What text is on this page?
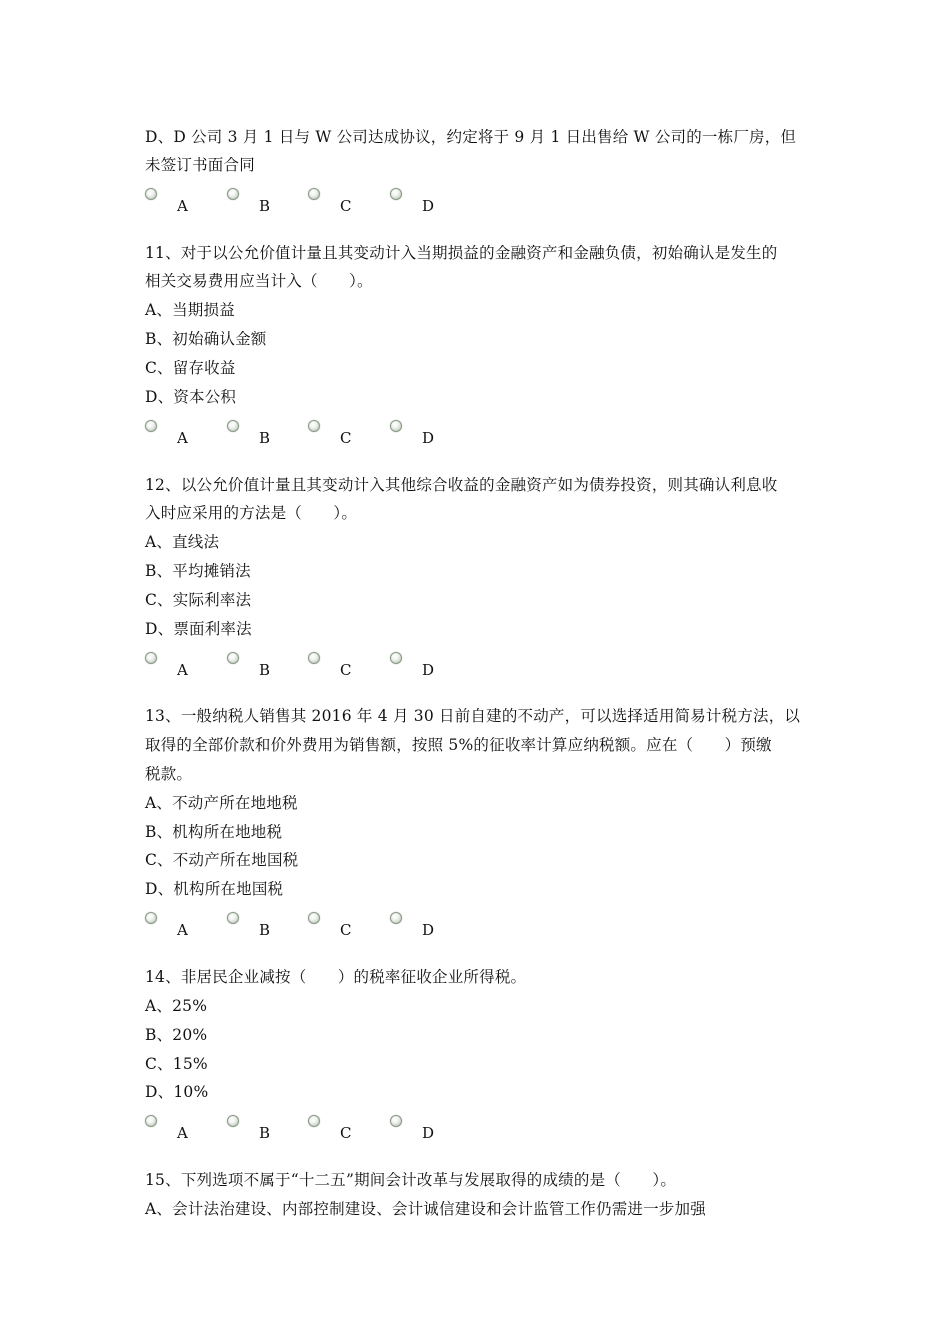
D、D 公司 3 月 1 日与 W 公司达成协议，约定将于 9 月 1 日出售给 W 公司的一栋厂房，但
未签订书面合同
A	B	C	D
11、对于以公允价值计量且其变动计入当期损益的金融资产和金融负债，初始确认是发生的
相关交易费用应当计入（　　）。
A、当期损益
B、初始确认金额
C、留存收益
D、资本公积
A	B	C	D
12、以公允价值计量且其变动计入其他综合收益的金融资产如为债券投资，则其确认利息收
入时应采用的方法是（　　）。
A、直线法
B、平均摊销法
C、实际利率法
D、票面利率法
A	B	C	D
13、一般纳税人销售其 2016 年 4 月 30 日前自建的不动产，可以选择适用简易计税方法，以
取得的全部价款和价外费用为销售额，按照 5%的征收率计算应纳税额。应在（　　）预缴
税款。
A、不动产所在地地税
B、机构所在地地税
C、不动产所在地国税
D、机构所在地国税
A	B	C	D
14、非居民企业减按（　　）的税率征收企业所得税。
A、25%
B、20%
C、15%
D、10%
A	B	C	D
15、下列选项不属于“十二五”期间会计改革与发展取得的成绩的是（　　）。
A、会计法治建设、内部控制建设、会计诚信建设和会计监管工作仍需进一步加强
